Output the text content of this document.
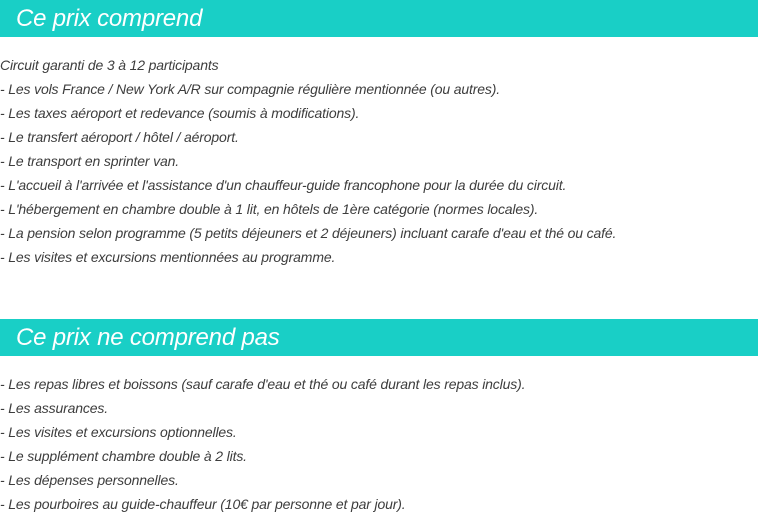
Ce prix comprend
Circuit garanti de 3 à 12 participants
- Les vols France / New York A/R sur compagnie régulière mentionnée (ou autres).
- Les taxes aéroport et redevance (soumis à modifications).
- Le transfert aéroport / hôtel / aéroport.
- Le transport en sprinter van.
- L'accueil à l'arrivée et l'assistance d'un chauffeur-guide francophone pour la durée du circuit.
- L'hébergement en chambre double à 1 lit, en hôtels de 1ère catégorie (normes locales).
- La pension selon programme (5 petits déjeuners et 2 déjeuners) incluant carafe d'eau et thé ou café.
- Les visites et excursions mentionnées au programme.
Ce prix ne comprend pas
- Les repas libres et boissons (sauf carafe d'eau et thé ou café durant les repas inclus).
- Les assurances.
- Les visites et excursions optionnelles.
- Le supplément chambre double à 2 lits.
- Les dépenses personnelles.
- Les pourboires au guide-chauffeur (10€ par personne et par jour).
